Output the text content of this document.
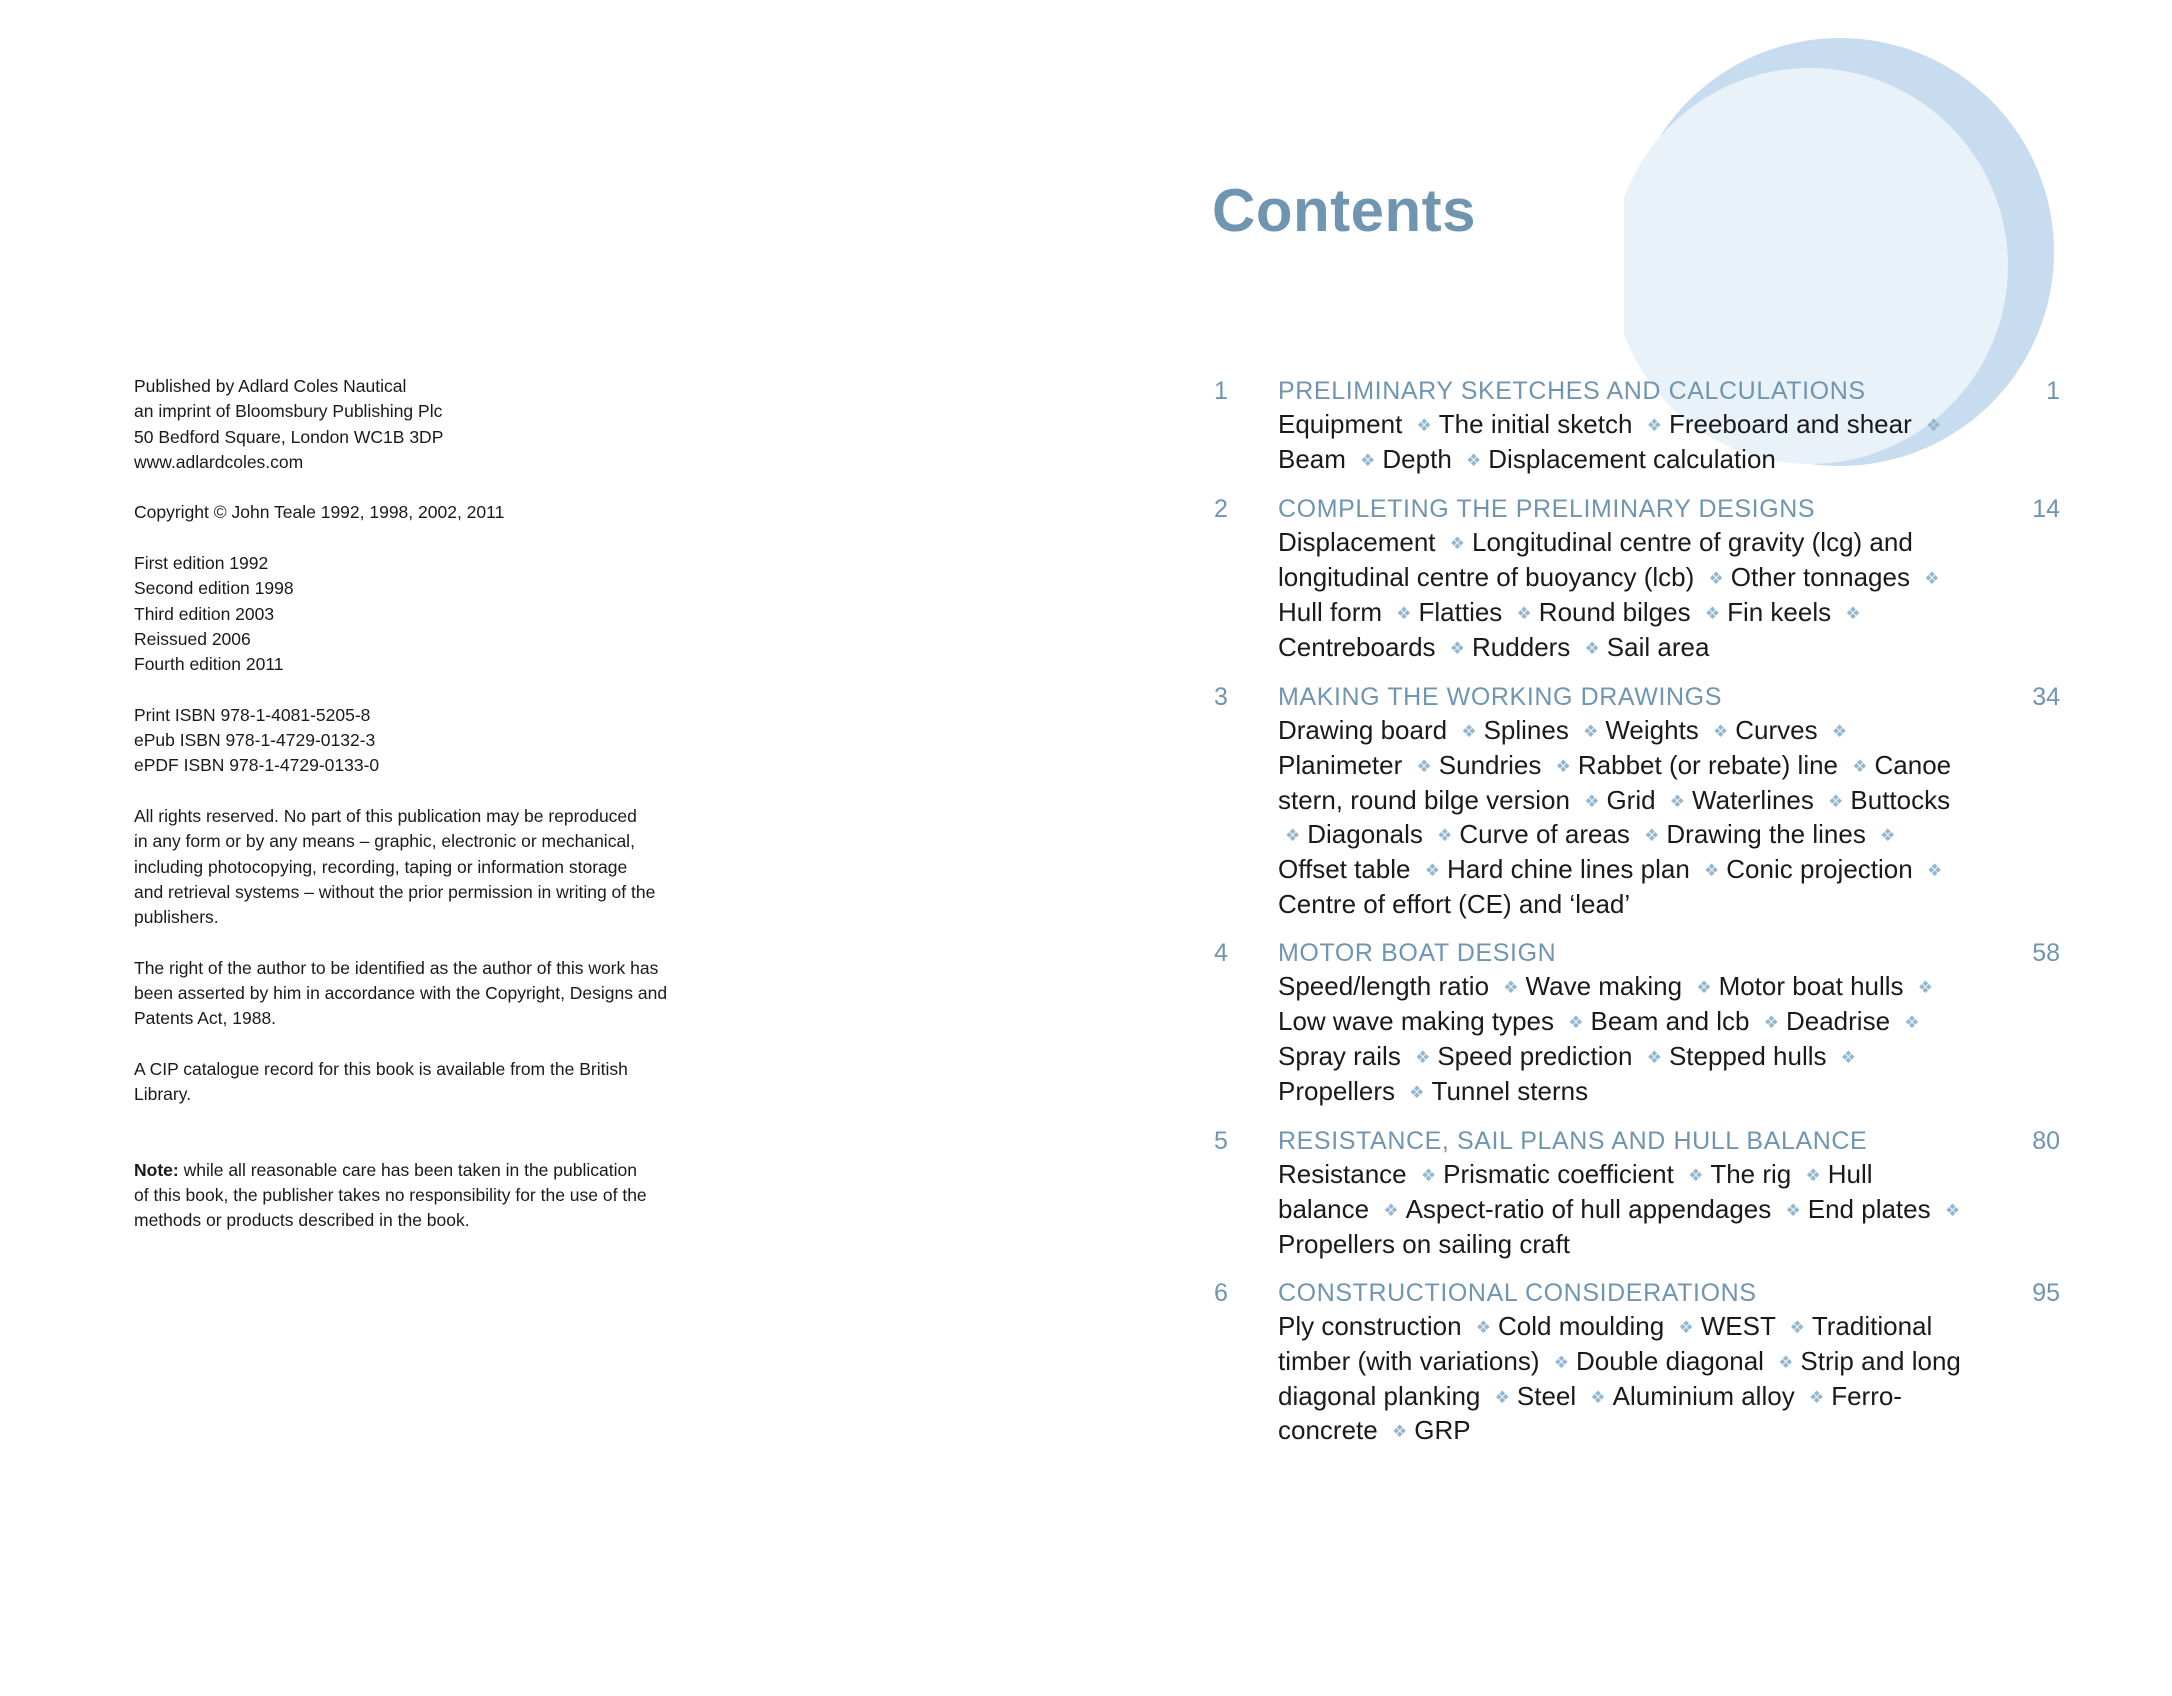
Published by Adlard Coles Nautical
an imprint of Bloomsbury Publishing Plc
50 Bedford Square, London WC1B 3DP
www.adlardcoles.com
Copyright © John Teale 1992, 1998, 2002, 2011
First edition 1992
Second edition 1998
Third edition 2003
Reissued 2006
Fourth edition 2011
Print ISBN 978-1-4081-5205-8
ePub ISBN 978-1-4729-0132-3
ePDF ISBN 978-1-4729-0133-0
All rights reserved. No part of this publication may be reproduced
in any form or by any means – graphic, electronic or mechanical,
including photocopying, recording, taping or information storage
and retrieval systems – without the prior permission in writing of the
publishers.
The right of the author to be identified as the author of this work has
been asserted by him in accordance with the Copyright, Designs and
Patents Act, 1988.
A CIP catalogue record for this book is available from the British
Library.
Note: while all reasonable care has been taken in the publication
of this book, the publisher takes no responsibility for the use of the
methods or products described in the book.
Contents
1 PRELIMINARY SKETCHES AND CALCULATIONS	1
Equipment ❖ The initial sketch ❖ Freeboard and shear ❖Beam ❖ Depth ❖ Displacement calculation
2 COMPLETING THE PRELIMINARY DESIGNS	14
Displacement ❖ Longitudinal centre of gravity (lcg) and longitudinal centre of buoyancy (lcb) ❖ Other tonnages ❖Hull form ❖ Flatties ❖ Round bilges ❖ Fin keels ❖Centreboards ❖ Rudders ❖ Sail area
3 MAKING THE WORKING DRAWINGS	34
Drawing board ❖ Splines ❖ Weights ❖ Curves ❖Planimeter ❖ Sundries ❖ Rabbet (or rebate) line ❖ Canoe stern, round bilge version ❖ Grid ❖ Waterlines ❖ Buttocks ❖ Diagonals ❖ Curve of areas ❖ Drawing the lines ❖Offset table ❖ Hard chine lines plan ❖ Conic projection ❖Centre of effort (CE) and ‘lead’
4 MOTOR BOAT DESIGN	58
Speed/length ratio ❖ Wave making ❖ Motor boat hulls ❖Low wave making types ❖ Beam and lcb ❖ Deadrise ❖Spray rails ❖ Speed prediction ❖ Stepped hulls ❖Propellers ❖ Tunnel sterns
5 RESISTANCE, SAIL PLANS AND HULL BALANCE	80
Resistance ❖ Prismatic coefficient ❖ The rig ❖ Hull balance ❖ Aspect-ratio of hull appendages ❖ End plates ❖Propellers on sailing craft
6 CONSTRUCTIONAL CONSIDERATIONS	95
Ply construction ❖ Cold moulding ❖ WEST ❖ Traditional timber (with variations) ❖ Double diagonal ❖ Strip and long diagonal planking ❖ Steel ❖ Aluminium alloy ❖ Ferro-concrete ❖ GRP
